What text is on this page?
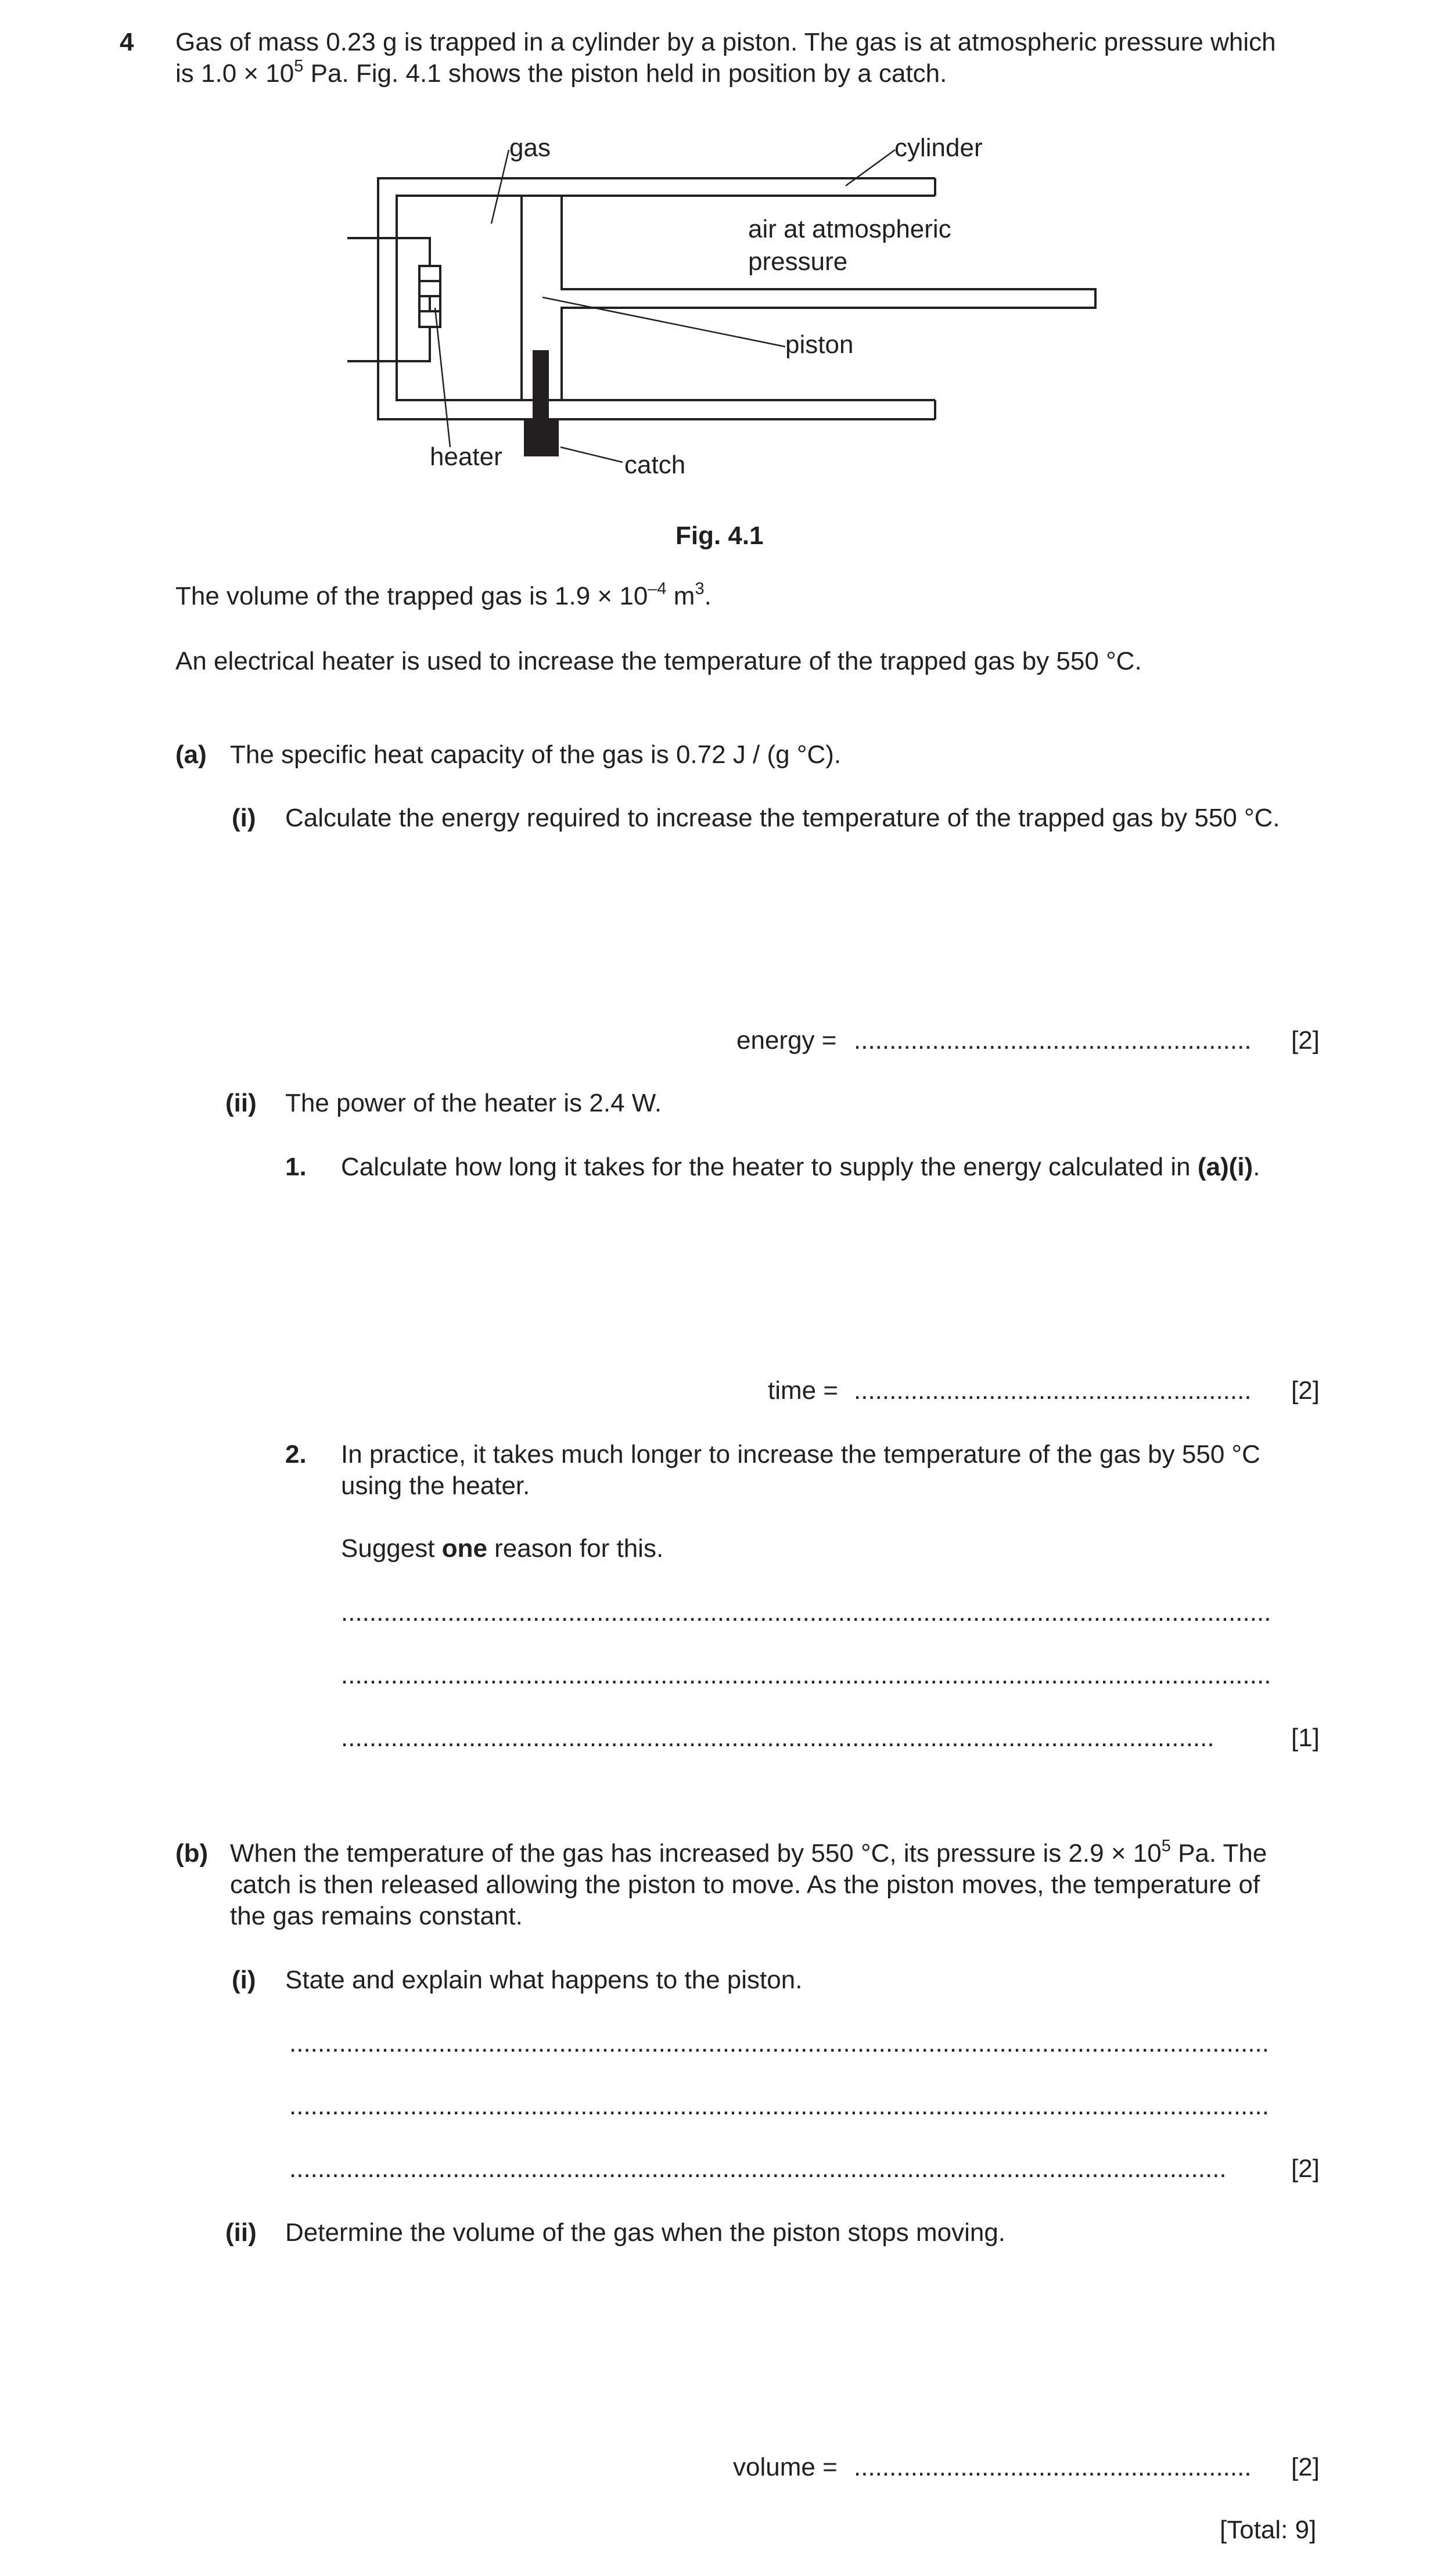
4 Gas of mass 0.23 g is trapped in a cylinder by a piston. The gas is at atmospheric pressure which
is $1.0 \times 10^5$ Pa. Fig. 4.1 shows the piston held in position by a catch.
gas	cylinder
air at atmospheric
pressure
piston
heater	catch
Fig. 4.1
The volume of the trapped gas is $1.9 \times 10^{-4}$ $m^3$.
An electrical heater is used to increase the temperature of the trapped gas by 550 °C.
(a) The specific heat capacity of the gas is 0.72 J / (g °C).
(i) Calculate the energy required to increase the temperature of the trapped gas by 550 °C.
energy = ........................................................	[2]
(ii) The power of the heater is 2.4 W.
1. Calculate how long it takes for the heater to supply the energy calculated in (a)(i).
time = ........................................................	[2]
2. In practice, it takes much longer to increase the temperature of the gas by 550 °C
using the heater.
Suggest one reason for this.
...................................................................................................................................
...................................................................................................................................
...........................................................................................................................	[1]
(b) When the temperature of the gas has increased by 550 °C, its pressure is $2.9 \times 10^5$ Pa. The
catch is then released allowing the piston to move. As the piston moves, the temperature of
the gas remains constant.
(i) State and explain what happens to the piston.
..........................................................................................................................................
..........................................................................................................................................
....................................................................................................................................	[2]
(ii) Determine the volume of the gas when the piston stops moving.
volume = ........................................................	[2]
[Total: 9]
